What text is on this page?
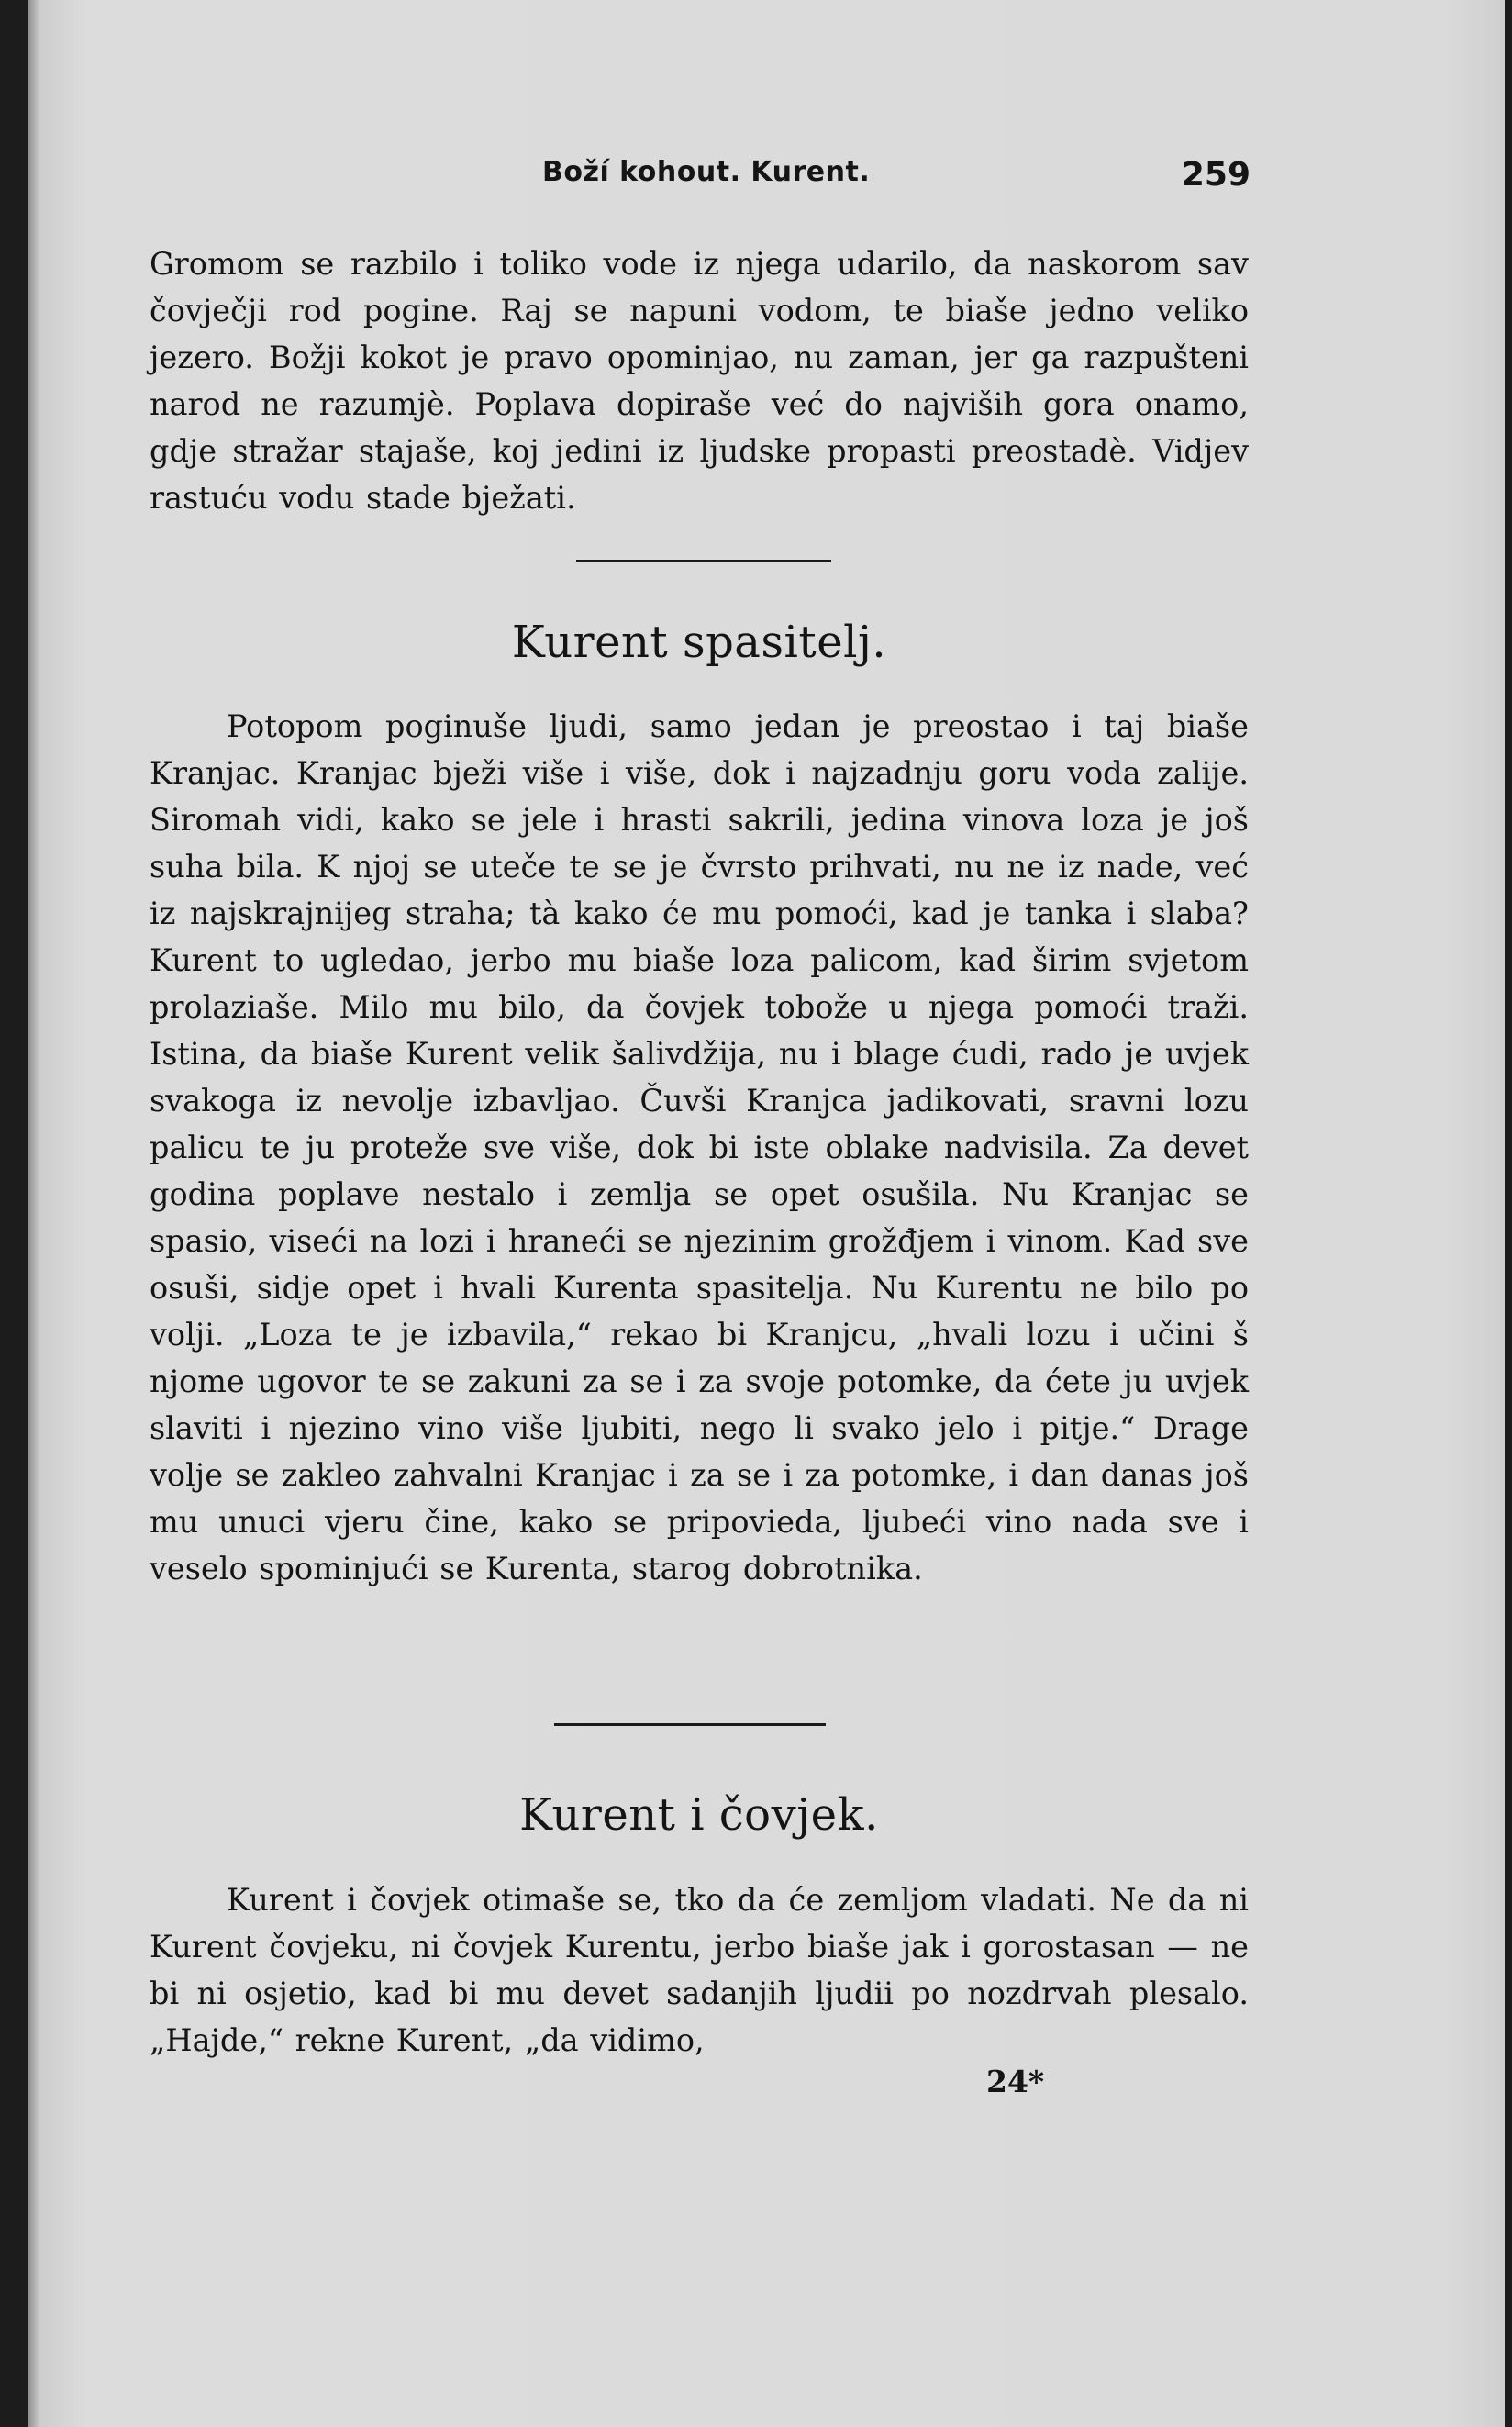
Boží kohout. Kurent.	259

Gromom se razbilo i toliko vode iz njega udarilo, da naskorom sav čovječji rod pogine. Raj se napuni vodom, te biaše jedno veliko jezero. Božji kokot je pravo opominjao, nu zaman, jer ga razpušteni narod ne razumjè. Poplava dopiraše već do najviših gora onamo, gdje stražar stajaše, koj jedini iz ljudske propasti preostadè. Vidjev rastuću vodu stade bježati.

Kurent spasitelj.

Potopom poginuše ljudi, samo jedan je preostao i taj biaše Kranjac. Kranjac bježi više i više, dok i najzadnju goru voda zalije. Siromah vidi, kako se jele i hrasti sakrili, jedina vinova loza je još suha bila. K njoj se uteče te se je čvrsto prihvati, nu ne iz nade, već iz najskrajnijeg straha; tà kako će mu pomoći, kad je tanka i slaba? Kurent to ugledao, jerbo mu biaše loza palicom, kad širim svjetom prolaziaše. Milo mu bilo, da čovjek tobože u njega pomoći traži. Istina, da biaše Kurent velik šalivdžija, nu i blage ćudi, rado je uvjek svakoga iz nevolje izbavljao. Čuvši Kranjca jadikovati, sravni lozu palicu te ju proteže sve više, dok bi iste oblake nadvisila. Za devet godina poplave nestalo i zemlja se opet osušila. Nu Kranjac se spasio, viseći na lozi i hraneći se njezinim grožđjem i vinom. Kad sve osuši, sidje opet i hvali Kurenta spasitelja. Nu Kurentu ne bilo po volji. „Loza te je izbavila,“ rekao bi Kranjcu, „hvali lozu i učini š njome ugovor te se zakuni za se i za svoje potomke, da ćete ju uvjek slaviti i njezino vino više ljubiti, nego li svako jelo i pitje.“ Drage volje se zakleo zahvalni Kranjac i za se i za potomke, i dan danas još mu unuci vjeru čine, kako se pripovieda, ljubeći vino nada sve i veselo spominjući se Kurenta, starog dobrotnika.

Kurent i čovjek.

Kurent i čovjek otimaše se, tko da će zemljom vladati. Ne da ni Kurent čovjeku, ni čovjek Kurentu, jerbo biaše jak i gorostasan — ne bi ni osjetio, kad bi mu devet sadanjih ljudii po nozdrvah plesalo. „Hajde,“ rekne Kurent, „da vidimo,

24*
